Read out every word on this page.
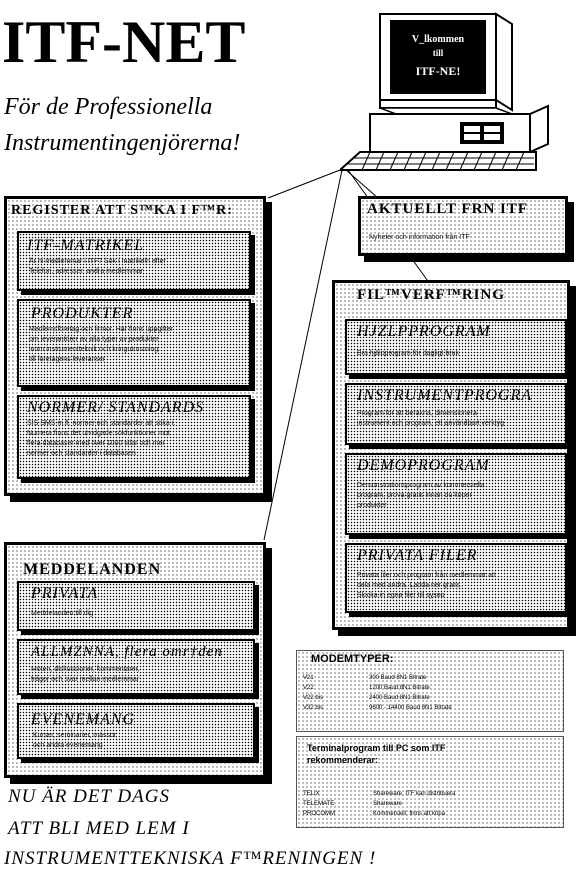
ITF-NET
För de Professionella
Instrumentingenjörerna!
V_lkommen
till
ITF-NE!
REGISTER ATT S™KA I F™R:
ITF-MATRIKEL
Är ni medlemmar i ITF? Sök i matrikeln efter
Telefon, adresser, andra medlemmar
PRODUKTER
Medlemsföretag och firmor. Här finns uppgifter
om leverantörer av alla typer av produkter
inom instrumentteknik och kringutrustning
till företagens leveranser
NORMER/ STANDARDS
SIS SMS m.fl. normer och standarder att söka i.
Numera finns det utvidgade sökfunktioner mot
flera databaser med över 1000 titlar och mer
normer och standarder i databasen
AKTUELLT FRN ITF
Nyheter och information från ITF
FIL™VERF™RING
HJZLPPROGRAM
Bra hjälpprogram för dagligt bruk
INSTRUMENTPROGRA
Program för att beräkna, dimensionera
instrument och program, ett användbart verktyg
DEMOPROGRAM
Demonstrationsprogram av kommersiella
program, prova gratis innan du köper
produkter
PRIVATA FILER
Privata filer och program från medlemmar att
dela med andra. Ladda ner gratis.
Skicka in egna filer till sysop
MEDDELANDEN
PRIVATA
Meddelanden till dig
ALLMZNNA, flera omr†den
Möten, diskussioner, kommentarer,
frågor och svar mellan medlemmar
EVENEMANG
Kurser, seminarier, mässor
och andra evenemang
MODEMTYPER:
V21	300 Baud 8N1 Bitrate
V22	1200 Baud 8N1 Bitrate
V22 bis	2400 Baud 8N1 Bitrate
V32 bis	9600 - 14400 Baud 8N1 Bitrate
Terminalprogram till PC som ITF
rekommenderar:
TELIX	Shareware, ITF kan distribuera
TELEMATE	Shareware
PROCOMM	Kommersiell, finns att köpa
NU ÄR DET DAGS
ATT BLI MED LEM I
INSTRUMENTTEKNISKA F™RENINGEN !
